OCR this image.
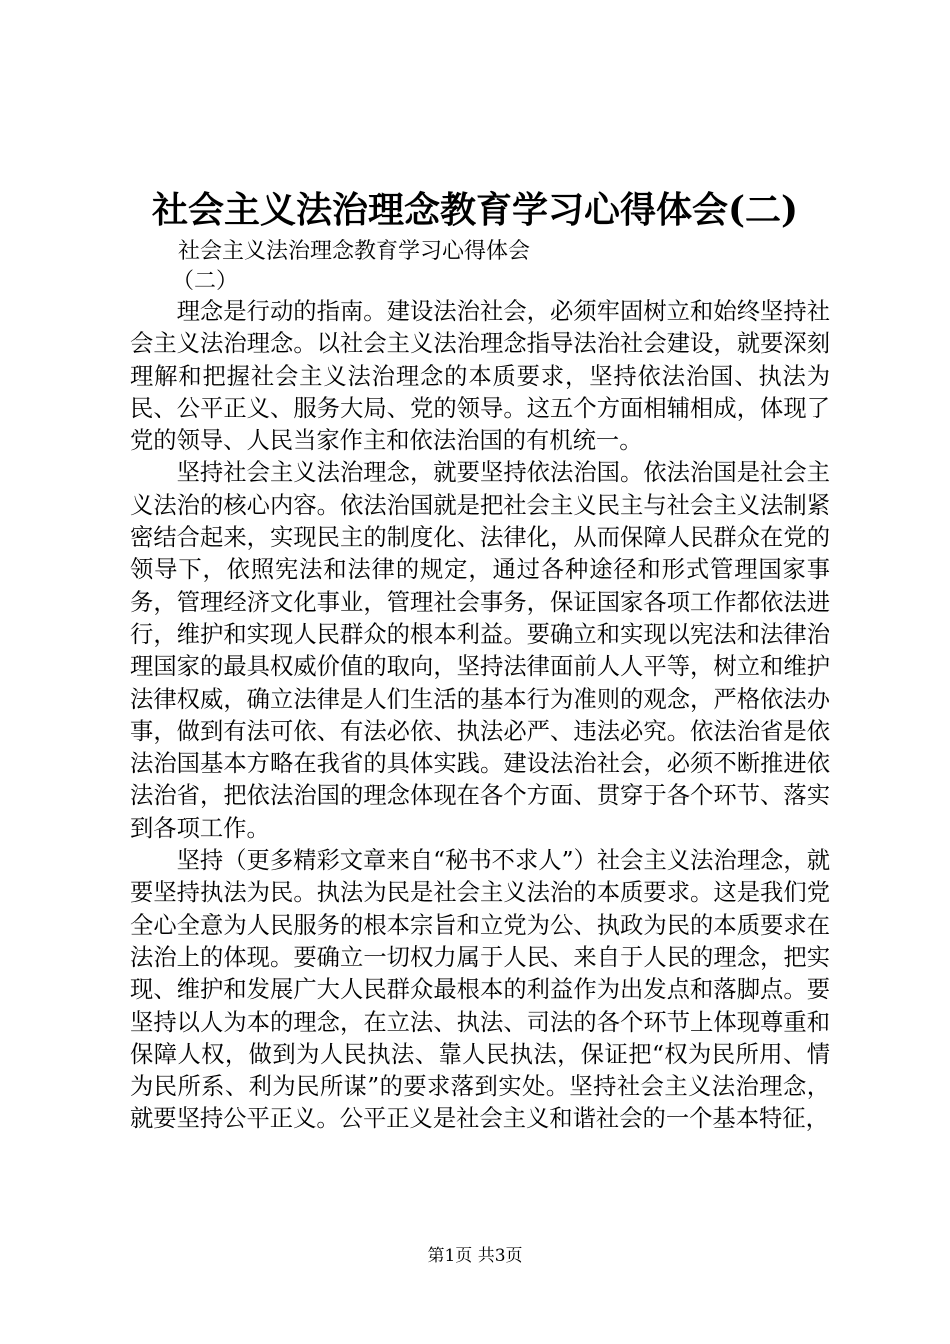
社会主义法治理念教育学习心得体会(二)
社会主义法治理念教育学习心得体会
（二）

理念是行动的指南。建设法治社会，必须牢固树立和始终坚持社会主义法治理念。以社会主义法治理念指导法治社会建设，就要深刻理解和把握社会主义法治理念的本质要求，坚持依法治国、执法为民、公平正义、服务大局、党的领导。这五个方面相辅相成，体现了党的领导、人民当家作主和依法治国的有机统一。

坚持社会主义法治理念，就要坚持依法治国。依法治国是社会主义法治的核心内容。依法治国就是把社会主义民主与社会主义法制紧密结合起来，实现民主的制度化、法律化，从而保障人民群众在党的领导下，依照宪法和法律的规定，通过各种途径和形式管理国家事务，管理经济文化事业，管理社会事务，保证国家各项工作都依法进行，维护和实现人民群众的根本利益。要确立和实现以宪法和法律治理国家的最具权威价值的取向，坚持法律面前人人平等，树立和维护法律权威，确立法律是人们生活的基本行为准则的观念，严格依法办事，做到有法可依、有法必依、执法必严、违法必究。依法治省是依法治国基本方略在我省的具体实践。建设法治社会，必须不断推进依法治省，把依法治国的理念体现在各个方面、贯穿于各个环节、落实到各项工作。

坚持（更多精彩文章来自“秘书不求人”）社会主义法治理念，就要坚持执法为民。执法为民是社会主义法治的本质要求。这是我们党全心全意为人民服务的根本宗旨和立党为公、执政为民的本质要求在法治上的体现。要确立一切权力属于人民、来自于人民的理念，把实现、维护和发展广大人民群众最根本的利益作为出发点和落脚点。要坚持以人为本的理念，在立法、执法、司法的各个环节上体现尊重和保障人权，做到为人民执法、靠人民执法，保证把“权为民所用、情为民所系、利为民所谋”的要求落到实处。坚持社会主义法治理念，就要坚持公平正义。公平正义是社会主义和谐社会的一个基本特征，

第1页 共3页
